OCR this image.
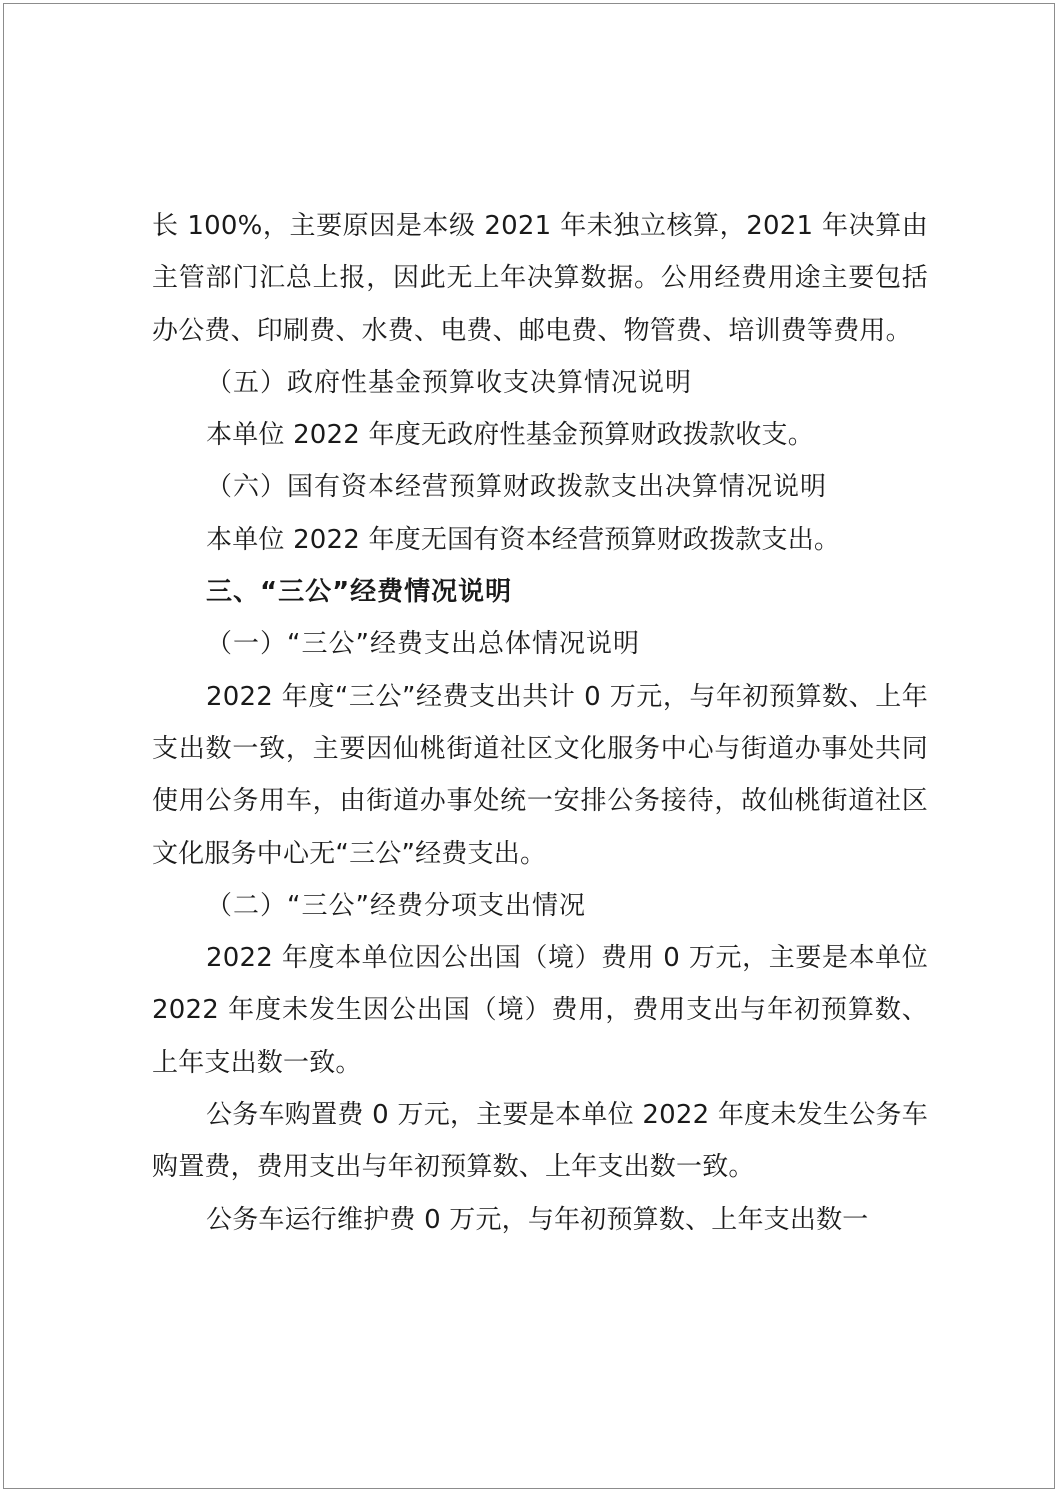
长 100%，主要原因是本级 2021 年未独立核算，2021 年决算由主管部门汇总上报，因此无上年决算数据。公用经费用途主要包括办公费、印刷费、水费、电费、邮电费、物管费、培训费等费用。

（五）政府性基金预算收支决算情况说明

本单位 2022 年度无政府性基金预算财政拨款收支。

（六）国有资本经营预算财政拨款支出决算情况说明

本单位 2022 年度无国有资本经营预算财政拨款支出。

三、“三公”经费情况说明

（一）“三公”经费支出总体情况说明

2022 年度“三公”经费支出共计 0 万元，与年初预算数、上年支出数一致，主要因仙桃街道社区文化服务中心与街道办事处共同使用公务用车，由街道办事处统一安排公务接待，故仙桃街道社区文化服务中心无“三公”经费支出。

（二）“三公”经费分项支出情况

2022 年度本单位因公出国（境）费用 0 万元，主要是本单位 2022 年度未发生因公出国（境）费用，费用支出与年初预算数、上年支出数一致。

公务车购置费 0 万元，主要是本单位 2022 年度未发生公务车购置费，费用支出与年初预算数、上年支出数一致。

公务车运行维护费 0 万元，与年初预算数、上年支出数一
